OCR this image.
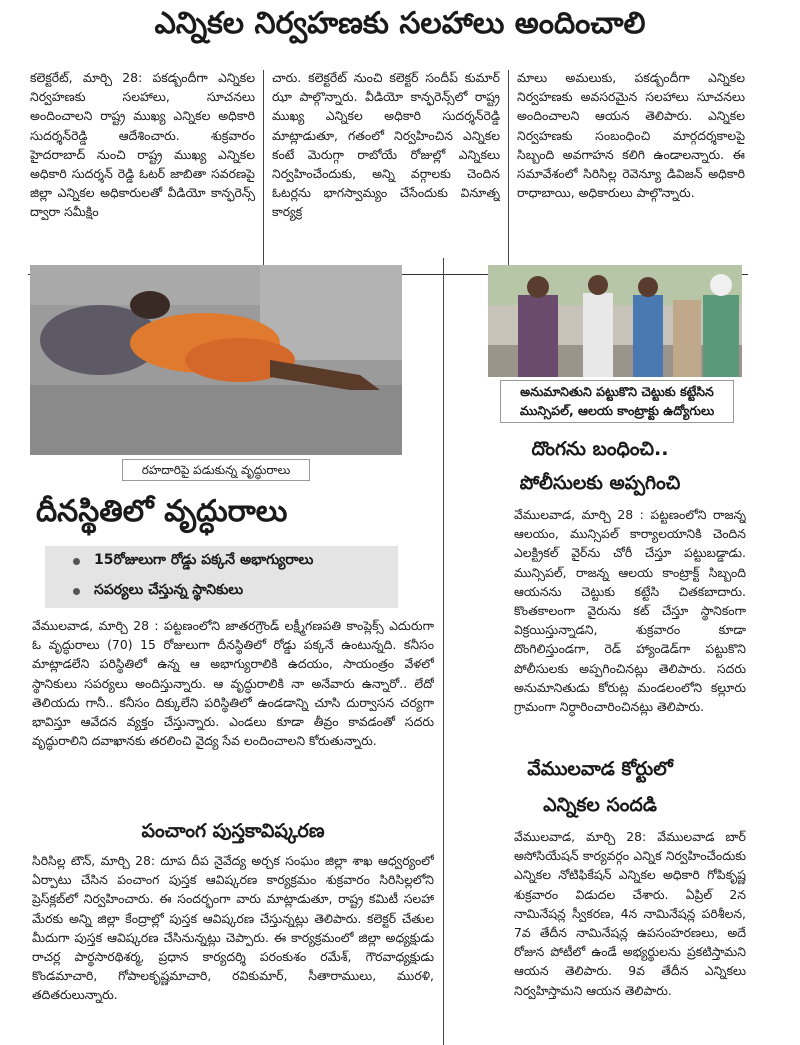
ఎన్నికల నిర్వహణకు సలహాలు అందించాలి

కలెక్టరేట్, మార్చి 28: పకడ్బందీగా ఎన్నికల నిర్వహణకు సలహాలు, సూచనలు అందించాలని రాష్ట్ర ముఖ్య ఎన్నికల అధికారి సుదర్శన్‌రెడ్డి ఆదేశించారు. శుక్రవారం హైదరాబాద్ నుంచి రాష్ట్ర ముఖ్య ఎన్నికల అధికారి సుదర్శన్ రెడ్డి ఓటర్ జాబితా సవరణపై జిల్లా ఎన్నికల అధికారులతో వీడియో కాన్ఫరెన్స్ ద్వారా సమీక్షిం

చారు. కలెక్టరేట్ నుంచి కలెక్టర్ సందీప్ కుమార్ ఝా పాల్గొన్నారు. వీడియో కాన్ఫరెన్స్‌లో రాష్ట్ర ముఖ్య ఎన్నికల అధికారి సుదర్శన్‌రెడ్డి మాట్లాడుతూ, గతంలో నిర్వహించిన ఎన్నికల కంటే మెరుగ్గా రాబోయే రోజుల్లో ఎన్నికలు నిర్వహించేందుకు, అన్ని వర్గాలకు చెందిన ఓటర్లను భాగస్వామ్యం చేసేందుకు వినూత్న కార్యక్ర

మాలు అమలుకు, పకడ్బందీగా ఎన్నికల నిర్వహణకు అవసరమైన సలహాలు సూచనలు అందించాలని ఆయన తెలిపారు. ఎన్నికల నిర్వహణకు సంబంధించి మార్గదర్శకాలపై సిబ్బంది అవగాహన కలిగి ఉండాలన్నారు. ఈ సమావేశంలో సిరిసిల్ల రెవెన్యూ డివిజన్ అధికారి రాధాబాయి, అధికారులు పాల్గొన్నారు.

రహదారిపై పడుకున్న వృద్ధురాలు
దీనస్థితిలో వృద్ధురాలు
15రోజులుగా రోడ్డు పక్కనే అభాగ్యురాలు
సపర్యలు చేస్తున్న స్థానికులు

వేములవాడ, మార్చి 28 : పట్టణంలోని జాతరగ్రౌండ్ లక్ష్మీగణపతి కాంప్లెక్స్ ఎదురుగా ఓ వృద్ధురాలు (70) 15 రోజులుగా దీనస్థితిలో రోడ్డు పక్కనే ఉంటున్నది. కనీసం మాట్లాడలేని పరిస్థితిలో ఉన్న ఆ అభాగ్యురాలికి ఉదయం, సాయంత్రం వేళలో స్థానికులు సపర్యలు అందిస్తున్నారు. ఆ వృద్ధురాలికి నా అనేవారు ఉన్నారో.. లేదో తెలియదు గానీ.. కనీసం దిక్కులేని పరిస్థితిలో ఉండడాన్ని చూసి దుర్వాసన చర్యగా భావిస్తూ ఆవేదన వ్యక్తం చేస్తున్నారు. ఎండలు కూడా తీవ్రం కావడంతో సదరు వృద్ధురాలిని దవాఖానకు తరలించి వైద్య సేవ లందించాలని కోరుతున్నారు.

పంచాంగ పుస్తకావిష్కరణ

సిరిసిల్ల టౌన్, మార్చి 28: దూప దీప నైవేద్య అర్చక సంఘం జిల్లా శాఖ ఆధ్వర్యంలో ఏర్పాటు చేసిన పంచాంగ పుస్తక ఆవిష్కరణ కార్యక్రమం శుక్రవారం సిరిసిల్లలోని ప్రెస్‌క్లబ్‌లో నిర్వహించారు. ఈ సందర్భంగా వారు మాట్లాడుతూ, రాష్ట్ర కమిటీ సలహా మేరకు అన్ని జిల్లా కేంద్రాల్లో పుస్తక ఆవిష్కరణ చేస్తున్నట్లు తెలిపారు. కలెక్టర్ చేతుల మీదుగా పుస్తక ఆవిష్కరణ చేసినున్నట్లు చెప్పారు. ఈ కార్యక్రమంలో జిల్లా అధ్యక్షుడు రాచర్ల పార్థసారథిశర్మ, ప్రధాన కార్యదర్శి పరంకుశం రమేశ్, గౌరవాధ్యక్షుడు కొండమాచారి, గోపాలకృష్ణమాచారి, రవికుమార్, సీతారాములు, మురళి, తదితరులున్నారు.

అనుమానితుని పట్టుకొని చెట్టుకు కట్టేసిన
మున్సిపల్, ఆలయ కాంట్రాక్టు ఉద్యోగులు
దొంగను బంధించి..
పోలీసులకు అప్పగించి

వేములవాడ, మార్చి 28 : పట్టణంలోని రాజన్న ఆలయం, మున్సిపల్ కార్యాలయానికి చెందిన ఎలక్ట్రికల్ వైర్‌ను చోరీ చేస్తూ పట్టుబడ్డాడు. మున్సిపల్, రాజన్న ఆలయ కాంట్రాక్ట్ సిబ్బంది ఆయనను చెట్టుకు కట్టేసి చితకబాదారు. కొంతకాలంగా వైరును కట్ చేస్తూ స్థానికంగా విక్రయిస్తున్నాడని, శుక్రవారం కూడా దొంగిలిస్తుండగా, రెడ్ హ్యాండెడ్‌గా పట్టుకొని పోలీసులకు అప్పగించినట్లు తెలిపారు. సదరు అనుమానితుడు కోరుట్ల మండలంలోని కల్లూరు గ్రామంగా నిర్ధారించారించినట్లు తెలిపారు.

వేములవాడ కోర్టులో
ఎన్నికల సందడి

వేములవాడ, మార్చి 28: వేములవాడ బార్ అసోసియేషన్ కార్యవర్గం ఎన్నిక నిర్వహించేందుకు ఎన్నికల నోటిఫికేషన్ ఎన్నికల అధికారి గోపికృష్ణ శుక్రవారం విడుదల చేశారు. ఏప్రిల్ 2న నామినేషన్ల స్వీకరణ, 4న నామినేషన్ల పరిశీలన, 7వ తేదీన నామినేషన్ల ఉపసంహరణలు, అదే రోజున పోటీలో ఉండే అభ్యర్థులను ప్రకటిస్తామని ఆయన తెలిపారు. 9వ తేదీన ఎన్నికలు నిర్వహిస్తామని ఆయన తెలిపారు.
